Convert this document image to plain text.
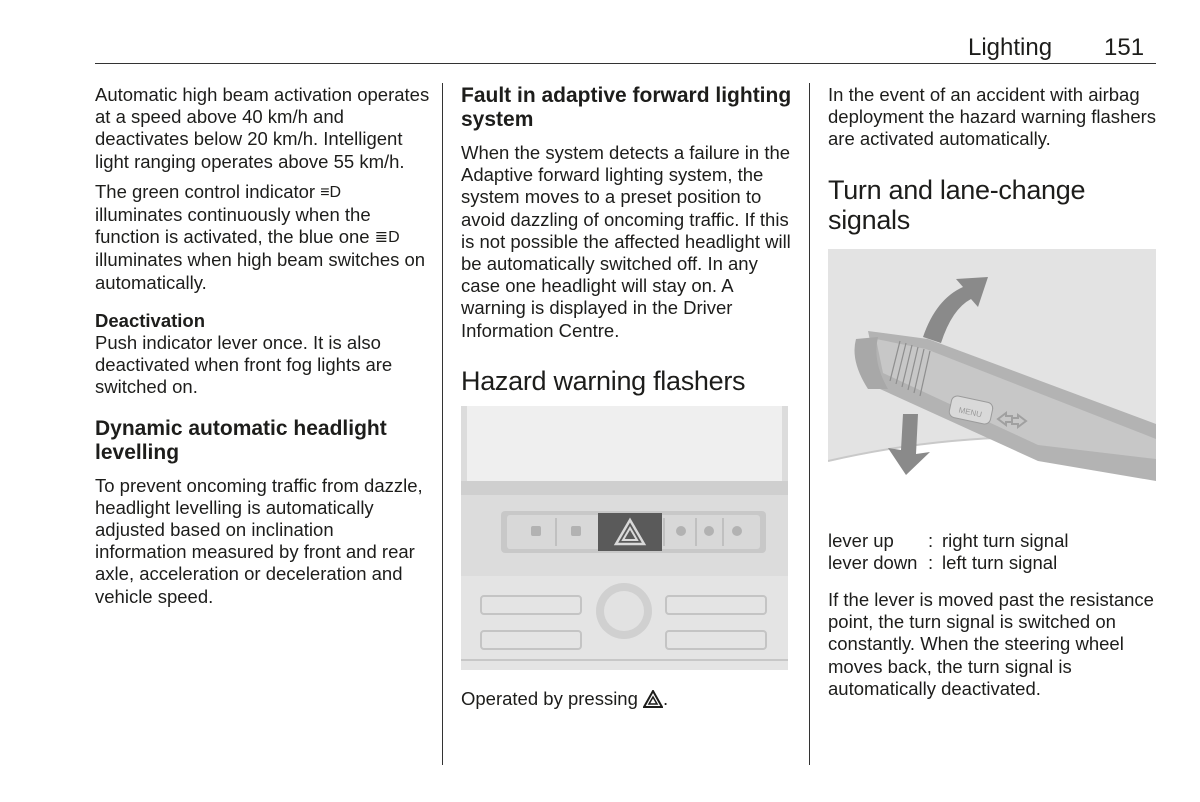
Lighting 151

Automatic high beam activation operates at a speed above 40 km/h and deactivates below 20 km/h. Intelligent light ranging operates above 55 km/h.

The green control indicator ≡D illuminates continuously when the function is activated, the blue one ≣D illuminates when high beam switches on automatically.

Deactivation

Push indicator lever once. It is also deactivated when front fog lights are switched on.

Dynamic automatic headlight levelling

To prevent oncoming traffic from dazzle, headlight levelling is automatically adjusted based on inclination information measured by front and rear axle, acceleration or deceleration and vehicle speed.

Fault in adaptive forward lighting system

When the system detects a failure in the Adaptive forward lighting system, the system moves to a preset position to avoid dazzling of oncoming traffic. If this is not possible the affected headlight will be automatically switched off. In any case one headlight will stay on. A warning is displayed in the Driver Information Centre.

Hazard warning flashers

Operated by pressing .

In the event of an accident with airbag deployment the hazard warning flashers are activated automatically.

Turn and lane-change signals
MENU
lever up	: right turn signal
lever down : left turn signal

If the lever is moved past the resistance point, the turn signal is switched on constantly. When the steering wheel moves back, the turn signal is automatically deactivated.
